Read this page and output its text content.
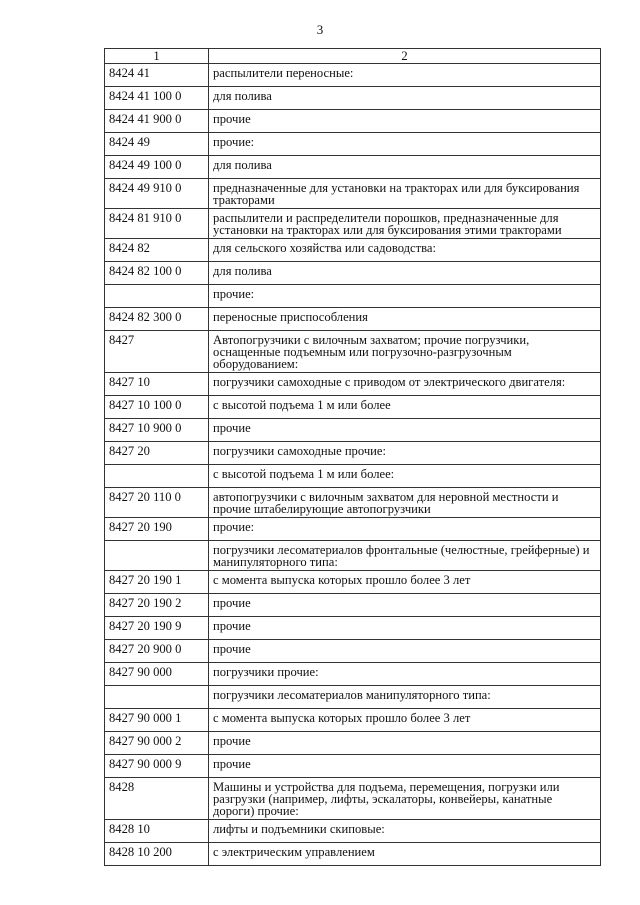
3
1	2
8424 41	распылители переносные:
8424 41 100 0	для полива
8424 41 900 0	прочие
8424 49	прочие:
8424 49 100 0	для полива
8424 49 910 0	предназначенные для установки на тракторах или для буксирования тракторами
8424 81 910 0	распылители и распределители порошков, предназначенные для установки на тракторах или для буксирования этими тракторами
8424 82	для сельского хозяйства или садоводства:
8424 82 100 0	для полива
	прочие:
8424 82 300 0	переносные приспособления
8427	Автопогрузчики с вилочным захватом; прочие погрузчики, оснащенные подъемным или погрузочно-разгрузочным оборудованием:
8427 10	погрузчики самоходные с приводом от электрического двигателя:
8427 10 100 0	с высотой подъема 1 м или более
8427 10 900 0	прочие
8427 20	погрузчики самоходные прочие:
	с высотой подъема 1 м или более:
8427 20 110 0	автопогрузчики с вилочным захватом для неровной местности и прочие штабелирующие автопогрузчики
8427 20 190	прочие:
	погрузчики лесоматериалов фронтальные (челюстные, грейферные) и манипуляторного типа:
8427 20 190 1	с момента выпуска которых прошло более 3 лет
8427 20 190 2	прочие
8427 20 190 9	прочие
8427 20 900 0	прочие
8427 90 000	погрузчики прочие:
	погрузчики лесоматериалов манипуляторного типа:
8427 90 000 1	с момента выпуска которых прошло более 3 лет
8427 90 000 2	прочие
8427 90 000 9	прочие
8428	Машины и устройства для подъема, перемещения, погрузки или разгрузки (например, лифты, эскалаторы, конвейеры, канатные дороги) прочие:
8428 10	лифты и подъемники скиповые:
8428 10 200	с электрическим управлением
